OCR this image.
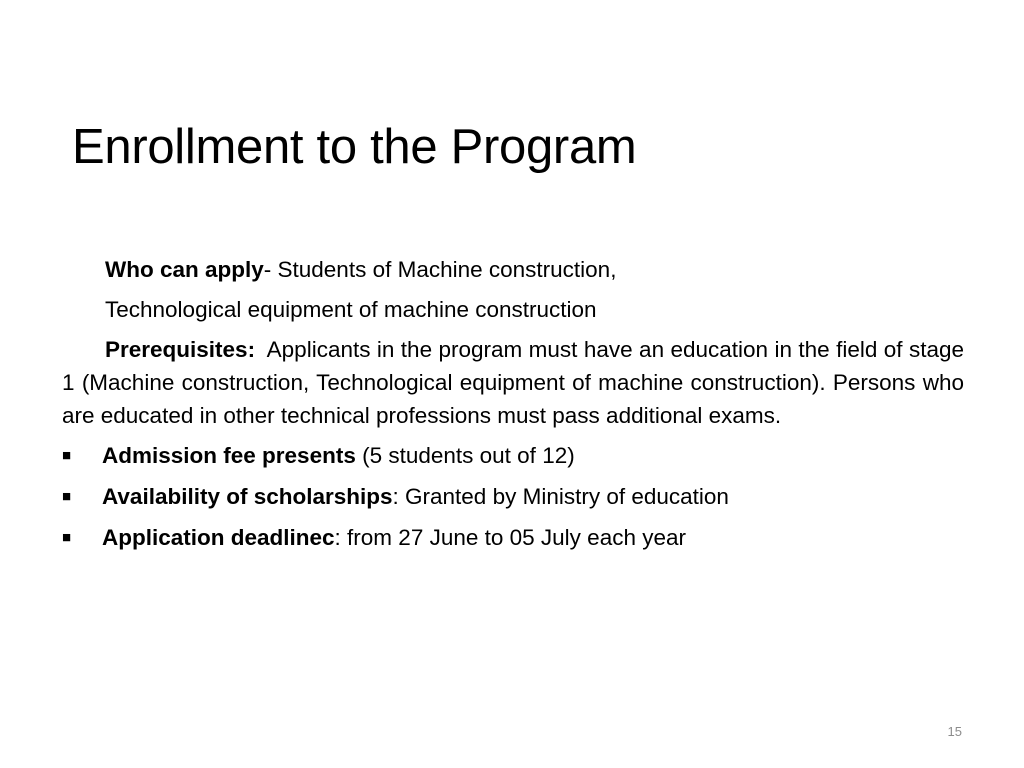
Enrollment to the Program

Who can apply- Students of Machine construction,

Technological equipment of machine construction

Prerequisites: Applicants in the program must have an education in the field of stage 1 (Machine construction, Technological equipment of machine construction). Persons who are educated in other technical professions must pass additional exams.

■ Admission fee presents (5 students out of 12)
■ Availability of scholarships: Granted by Ministry of education
■ Application deadlinec: from 27 June to 05 July each year
15
